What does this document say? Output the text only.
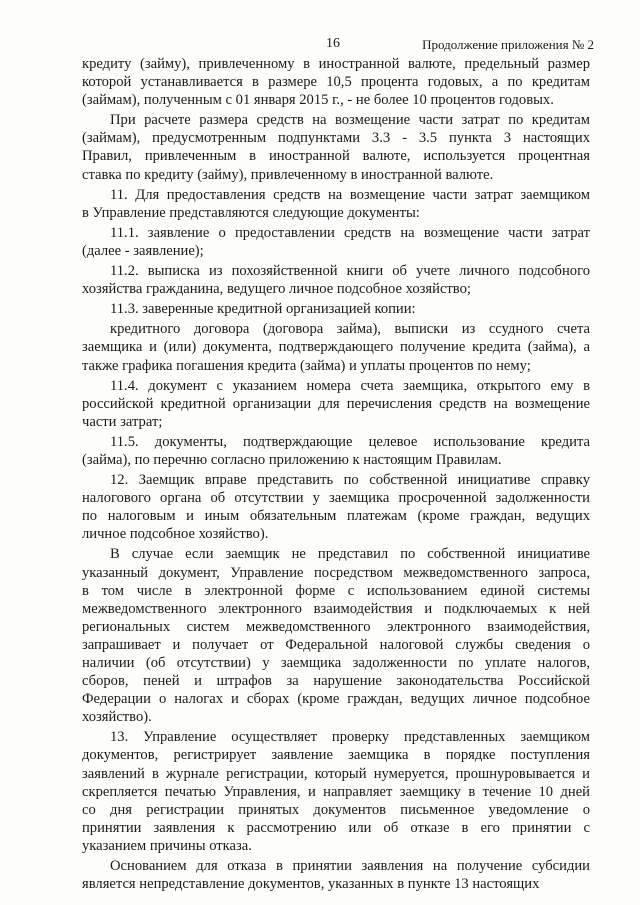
16	Продолжение приложения № 2
кредиту (займу), привлеченному в иностранной валюте, предельный размер
которой устанавливается в размере 10,5 процента годовых, а по кредитам
(займам), полученным с 01 января 2015 г., - не более 10 процентов годовых.
При расчете размера средств на возмещение части затрат по кредитам
(займам), предусмотренным подпунктами 3.3 - 3.5 пункта 3 настоящих
Правил, привлеченным в иностранной валюте, используется процентная
ставка по кредиту (займу), привлеченному в иностранной валюте.
11. Для предоставления средств на возмещение части затрат заемщиком
в Управление представляются следующие документы:
11.1. заявление о предоставлении средств на возмещение части затрат
(далее - заявление);
11.2. выписка из похозяйственной книги об учете личного подсобного
хозяйства гражданина, ведущего личное подсобное хозяйство;
11.3. заверенные кредитной организацией копии:
кредитного договора (договора займа), выписки из ссудного счета
заемщика и (или) документа, подтверждающего получение кредита (займа), а
также графика погашения кредита (займа) и уплаты процентов по нему;
11.4. документ с указанием номера счета заемщика, открытого ему в
российской кредитной организации для перечисления средств на возмещение
части затрат;
11.5. документы, подтверждающие целевое использование кредита
(займа), по перечню согласно приложению к настоящим Правилам.
12. Заемщик вправе представить по собственной инициативе справку
налогового органа об отсутствии у заемщика просроченной задолженности
по налоговым и иным обязательным платежам (кроме граждан, ведущих
личное подсобное хозяйство).
В случае если заемщик не представил по собственной инициативе
указанный документ, Управление посредством межведомственного запроса,
в том числе в электронной форме с использованием единой системы
межведомственного электронного взаимодействия и подключаемых к ней
региональных систем межведомственного электронного взаимодействия,
запрашивает и получает от Федеральной налоговой службы сведения о
наличии (об отсутствии) у заемщика задолженности по уплате налогов,
сборов, пеней и штрафов за нарушение законодательства Российской
Федерации о налогах и сборах (кроме граждан, ведущих личное подсобное
хозяйство).
13. Управление осуществляет проверку представленных заемщиком
документов, регистрирует заявление заемщика в порядке поступления
заявлений в журнале регистрации, который нумеруется, прошнуровывается и
скрепляется печатью Управления, и направляет заемщику в течение 10 дней
со дня регистрации принятых документов письменное уведомление о
принятии заявления к рассмотрению или об отказе в его принятии с
указанием причины отказа.
Основанием для отказа в принятии заявления на получение субсидии
является непредставление документов, указанных в пункте 13 настоящих
